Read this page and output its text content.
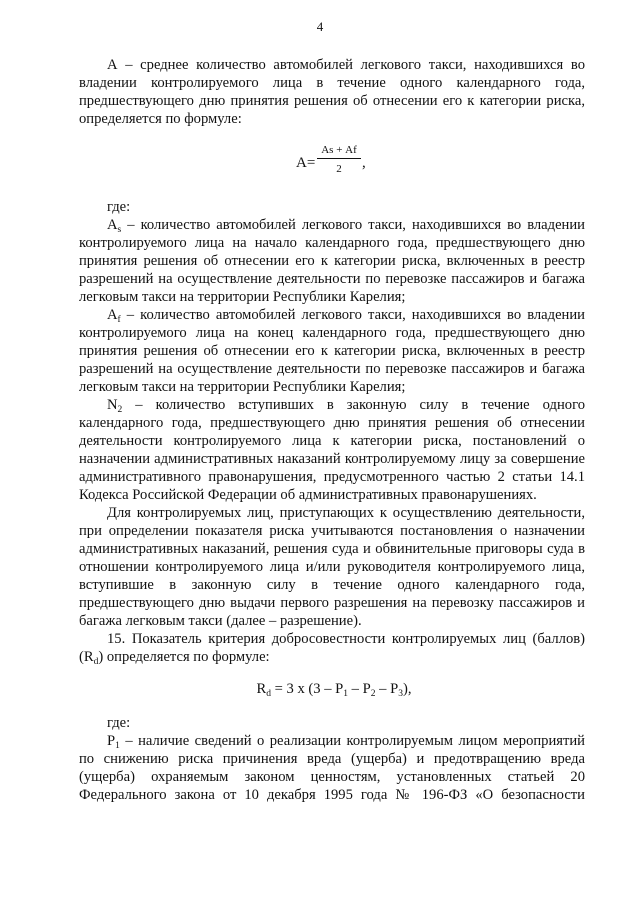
4

А – среднее количество автомобилей легкового такси, находившихся во владении контролируемого лица в течение одного календарного года, предшествующего дню принятия решения об отнесении его к категории риска, определяется по формуле:

А=
Аs + Аf
2	,

где:

$А_s$ – количество автомобилей легкового такси, находившихся во владении контролируемого лица на начало календарного года, предшествующего дню принятия решения об отнесении его к категории риска, включенных в реестр разрешений на осуществление деятельности по перевозке пассажиров и багажа легковым такси на территории Республики Карелия;

$А_f$ – количество автомобилей легкового такси, находившихся во владении контролируемого лица на конец календарного года, предшествующего дню принятия решения об отнесении его к категории риска, включенных в реестр разрешений на осуществление деятельности по перевозке пассажиров и багажа легковым такси на территории Республики Карелия;

$N_2$ – количество вступивших в законную силу в течение одного календарного года, предшествующего дню принятия решения об отнесении деятельности контролируемого лица к категории риска, постановлений о назначении административных наказаний контролируемому лицу за совершение административного правонарушения, предусмотренного частью 2 статьи 14.1 Кодекса Российской Федерации об административных правонарушениях.

Для контролируемых лиц, приступающих к осуществлению деятельности, при определении показателя риска учитываются постановления о назначении административных наказаний, решения суда и обвинительные приговоры суда в отношении контролируемого лица и/или руководителя контролируемого лица, вступившие в законную силу в течение одного календарного года, предшествующего дню выдачи первого разрешения на перевозку пассажиров и багажа легковым такси (далее – разрешение).

15. Показатель критерия добросовестности контролируемых лиц (баллов) $(R_d)$ определяется по формуле:

$R_d = 3$ x $(3 - P_1 - P_2 - P_3)$,

где:

$P_1$ – наличие сведений о реализации контролируемым лицом мероприятий по снижению риска причинения вреда (ущерба) и предотвращению вреда (ущерба) охраняемым законом ценностям, установленных статьей 20 Федерального закона от 10 декабря 1995 года № 196-ФЗ «О безопасности
